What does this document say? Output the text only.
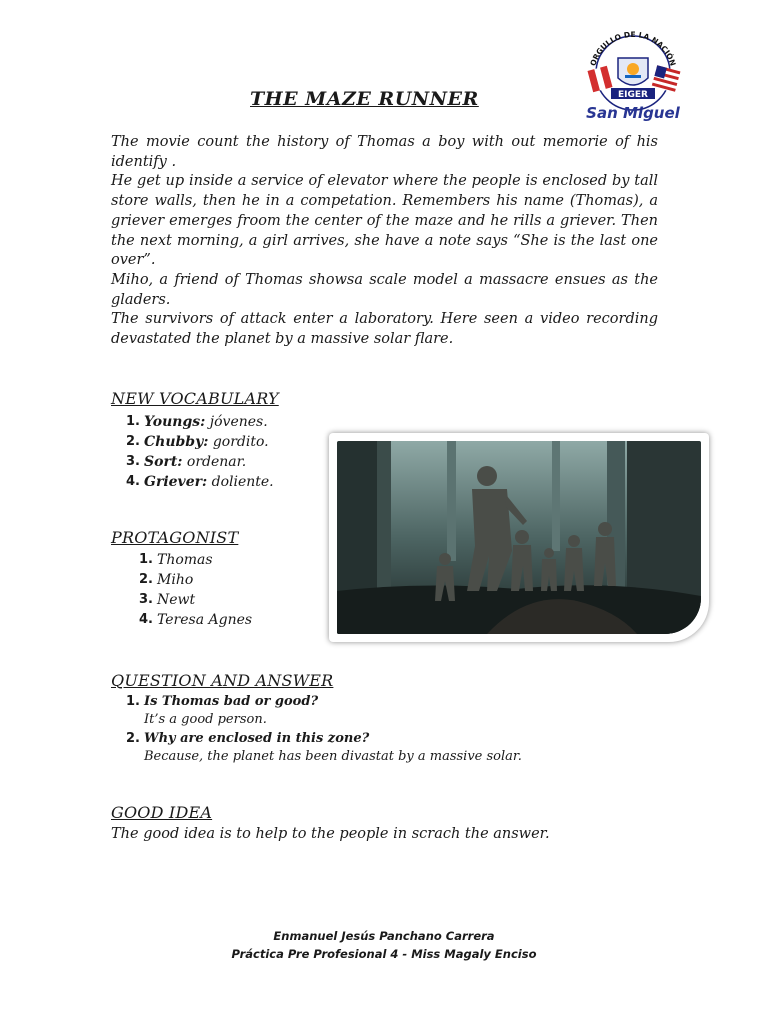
THE MAZE RUNNER
ORGULLO DE LA NACIÓN
EIGER
San Miguel

The movie count the history of Thomas a boy with out memorie of his identify .

He get up inside a service of elevator where the people is enclosed by tall store walls, then he in a competation. Remembers his name (Thomas), a griever emerges froom the center of the maze and he rills a griever. Then the next morning, a girl arrives, she have a note says “She is the last one over”.

Miho, a friend of Thomas showsa scale model a massacre ensues as the gladers.

The survivors of attack enter a laboratory. Here seen a video recording devastated the planet by a massive solar flare.

NEW VOCABULARY
1. Youngs: jóvenes.
2. Chubby: gordito.
3. Sort: ordenar.
4. Griever: doliente.
PROTAGONIST
1. Thomas
2. Miho
3. Newt
4. Teresa Agnes
QUESTION AND ANSWER
1. Is Thomas bad or good?
It’s a good person.
2. Why are enclosed in this zone?
Because, the planet has been divastat by a massive solar.
GOOD IDEA

The good idea is to help to the people in scrach the answer.

Enmanuel Jesús Panchano Carrera

Práctica Pre Profesional 4 - Miss Magaly Enciso
